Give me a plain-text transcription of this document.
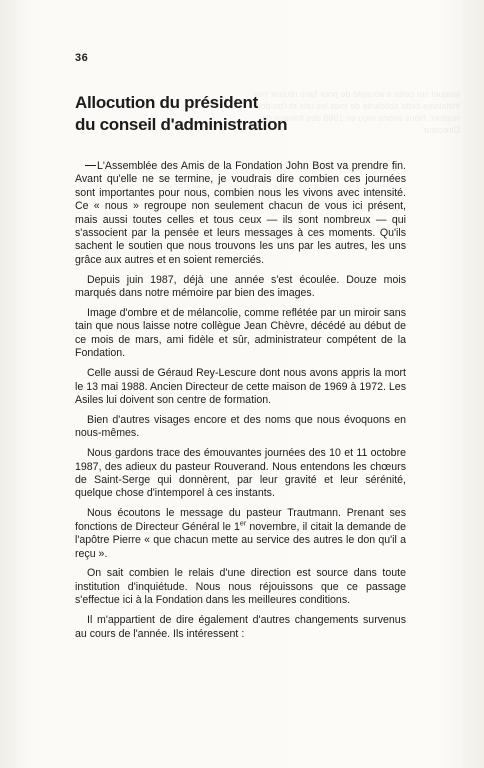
lesquel sur cette a accepté de pour faire réussir nos initiatives cette solidarité de tous les uns et l'on doit réaliser. Nous avons reçu en 1988 des travaux de Directeur
36
Allocution du président
du conseil d'administration

L'Assemblée des Amis de la Fondation John Bost va prendre fin. Avant qu'elle ne se termine, je voudrais dire combien ces journées sont importantes pour nous, combien nous les vivons avec intensité. Ce « nous » regroupe non seulement chacun de vous ici présent, mais aussi toutes celles et tous ceux — ils sont nombreux — qui s'associent par la pensée et leurs messages à ces moments. Qu'ils sachent le soutien que nous trouvons les uns par les autres, les uns grâce aux autres et en soient remerciés.

Depuis juin 1987, déjà une année s'est écoulée. Douze mois marqués dans notre mémoire par bien des images.

Image d'ombre et de mélancolie, comme reflétée par un miroir sans tain que nous laisse notre collègue Jean Chèvre, décédé au début de ce mois de mars, ami fidèle et sûr, administrateur compétent de la Fondation.

Celle aussi de Géraud Rey-Lescure dont nous avons appris la mort le 13 mai 1988. Ancien Directeur de cette maison de 1969 à 1972. Les Asiles lui doivent son centre de formation.

Bien d'autres visages encore et des noms que nous évoquons en nous-mêmes.

Nous gardons trace des émouvantes journées des 10 et 11 octobre 1987, des adieux du pasteur Rouverand. Nous entendons les chœurs de Saint-Serge qui donnèrent, par leur gravité et leur sérénité, quelque chose d'intemporel à ces instants.

Nous écoutons le message du pasteur Trautmann. Prenant ses fonctions de Directeur Général le 1er novembre, il citait la demande de l'apôtre Pierre « que chacun mette au service des autres le don qu'il a reçu ».

On sait combien le relais d'une direction est source dans toute institution d'inquiétude. Nous nous réjouissons que ce passage s'effectue ici à la Fondation dans les meilleures conditions.

Il m'appartient de dire également d'autres changements survenus au cours de l'année. Ils intéressent :
